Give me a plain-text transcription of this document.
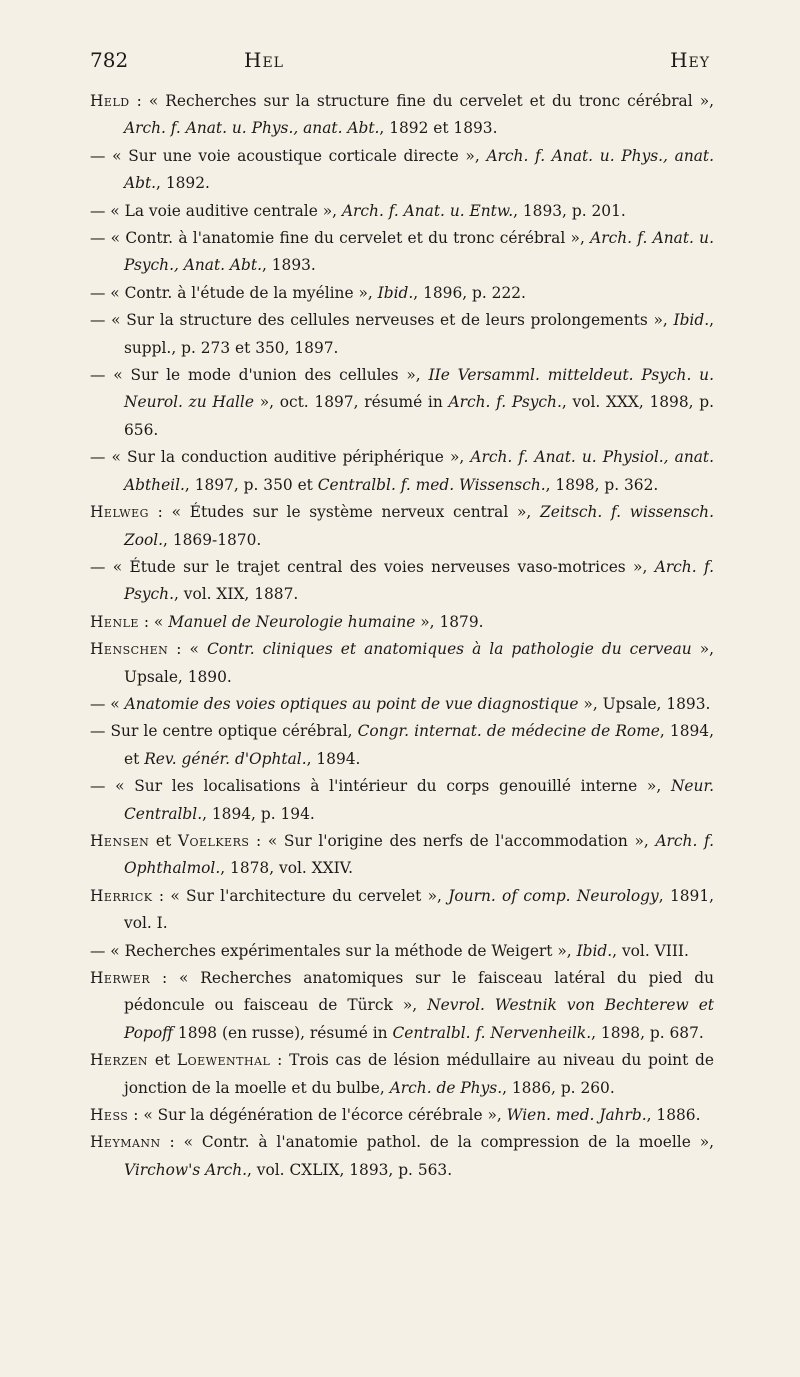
782	Hel	Hey

Held : « Recherches sur la structure fine du cervelet et du tronc cérébral », Arch. f. Anat. u. Phys., anat. Abt., 1892 et 1893.

— « Sur une voie acoustique corticale directe », Arch. f. Anat. u. Phys., anat. Abt., 1892.

— « La voie auditive centrale », Arch. f. Anat. u. Entw., 1893, p. 201.

— « Contr. à l'anatomie fine du cervelet et du tronc cérébral », Arch. f. Anat. u. Psych., Anat. Abt., 1893.

— « Contr. à l'étude de la myéline », Ibid., 1896, p. 222.

— « Sur la structure des cellules nerveuses et de leurs prolongements », Ibid., suppl., p. 273 et 350, 1897.

— « Sur le mode d'union des cellules », IIe Versamml. mitteldeut. Psych. u. Neurol. zu Halle », oct. 1897, résumé in Arch. f. Psych., vol. XXX, 1898, p. 656.

— « Sur la conduction auditive périphérique », Arch. f. Anat. u. Physiol., anat. Abtheil., 1897, p. 350 et Centralbl. f. med. Wissensch., 1898, p. 362.

Helweg : « Études sur le système nerveux central », Zeitsch. f. wissensch. Zool., 1869-1870.

— « Étude sur le trajet central des voies nerveuses vaso-motrices », Arch. f. Psych., vol. XIX, 1887.

Henle : « Manuel de Neurologie humaine », 1879.

Henschen : « Contr. cliniques et anatomiques à la pathologie du cerveau », Upsale, 1890.

— « Anatomie des voies optiques au point de vue diagnostique », Upsale, 1893.

— Sur le centre optique cérébral, Congr. internat. de médecine de Rome, 1894, et Rev. génér. d'Ophtal., 1894.

— « Sur les localisations à l'intérieur du corps genouillé interne », Neur. Centralbl., 1894, p. 194.

Hensen et Voelkers : « Sur l'origine des nerfs de l'accommodation », Arch. f. Ophthalmol., 1878, vol. XXIV.

Herrick : « Sur l'architecture du cervelet », Journ. of comp. Neurology, 1891, vol. I.

— « Recherches expérimentales sur la méthode de Weigert », Ibid., vol. VIII.

Herwer : « Recherches anatomiques sur le faisceau latéral du pied du pédoncule ou faisceau de Türck », Nevrol. Westnik von Bechterew et Popoff 1898 (en russe), résumé in Centralbl. f. Nervenheilk., 1898, p. 687.

Herzen et Loewenthal : Trois cas de lésion médullaire au niveau du point de jonction de la moelle et du bulbe, Arch. de Phys., 1886, p. 260.

Hess : « Sur la dégénération de l'écorce cérébrale », Wien. med. Jahrb., 1886.

Heymann : « Contr. à l'anatomie pathol. de la compression de la moelle », Virchow's Arch., vol. CXLIX, 1893, p. 563.
